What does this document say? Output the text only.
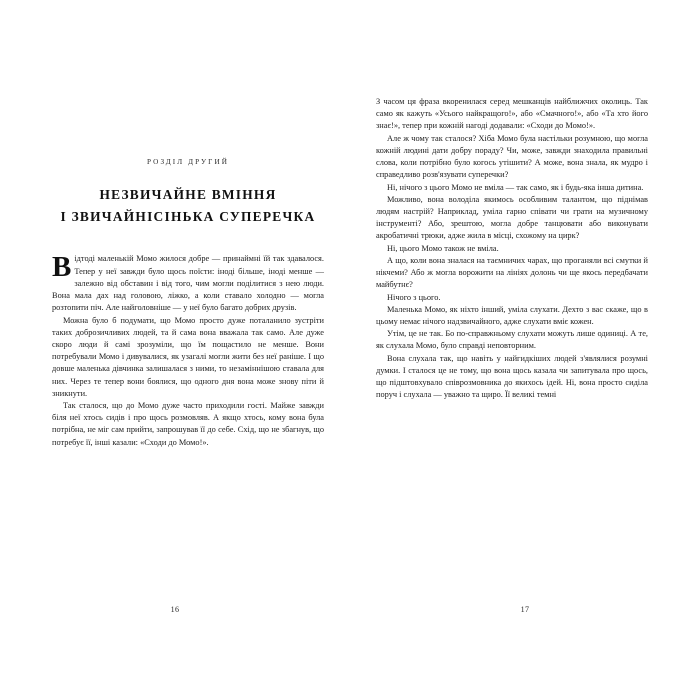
РОЗДІЛ ДРУГИЙ
НЕЗВИЧАЙНЕ ВМІННЯ
І ЗВИЧАЙНІСІНЬКА СУПЕРЕЧКА

Відтоді маленькій Момо жилося добре — принаймні їй так здавалося. Тепер у неї завжди було щось поїсти: іноді більше, іноді менше — залежно від обставин і від того, чим могли поділитися з нею люди. Вона мала дах над головою, ліжко, а коли ставало холодно — могла розтопити піч. Але найголовніше — у неї було багато добрих друзів.

Можна було б подумати, що Момо просто дуже поталанило зустріти таких доброзичливих людей, та й сама вона вважала так само. Але дуже скоро люди й самі зрозуміли, що їм пощастило не менше. Вони потребували Момо і дивувалися, як узагалі могли жити без неї раніше. І що довше маленька дівчинка залишалася з ними, то незаміннішою ставала для них. Через те тепер вони боялися, що одного дня вона може знову піти й зникнути.

Так сталося, що до Момо дуже часто приходили гості. Майже завжди біля неї хтось сидів і про щось розмовляв. А якщо хтось, кому вона була потрібна, не міг сам прийти, запрошував її до себе. Схід, що не збагнув, що потребує її, інші казали: «Сходи до Момо!».

16

З часом ця фраза вкоренилася серед мешканців найближчих околиць. Так само як кажуть «Усього найкращого!», або «Смачного!», або «Та хто його знає!», тепер при кожній нагоді додавали: «Сходи до Момо!».

Але ж чому так сталося? Хіба Момо була настільки розумною, що могла кожній людині дати добру пораду? Чи, може, завжди знаходила правильні слова, коли потрібно було когось утішити? А може, вона знала, як мудро і справедливо розв'язувати суперечки?

Ні, нічого з цього Момо не вміла — так само, як і будь-яка інша дитина.

Можливо, вона володіла якимось особливим талантом, що піднімав людям настрій? Наприклад, уміла гарно співати чи грати на музичному інструменті? Або, зрештою, могла добре танцювати або виконувати акробатичні трюки, адже жила в місці, схожому на цирк?

Ні, цього Момо також не вміла.

А що, коли вона зналася на таємничих чарах, що проганяли всі смутки й нікчеми? Або ж могла ворожити на лініях долонь чи ще якось передбачати майбутнє?

Нічого з цього.

Маленька Момо, як ніхто інший, уміла слухати. Дехто з вас скаже, що в цьому немає нічого надзвичайного, адже слухати вміє кожен.

Утім, це не так. Бо по-справжньому слухати можуть лише одиниці. А те, як слухала Момо, було справді неповторним.

Вона слухала так, що навіть у найгидкіших людей з'являлися розумні думки. І сталося це не тому, що вона щось казала чи запитувала про щось, що підштовхувало співрозмовника до якихось ідей. Ні, вона просто сиділа поруч і слухала — уважно та щиро. Її великі темні

17
